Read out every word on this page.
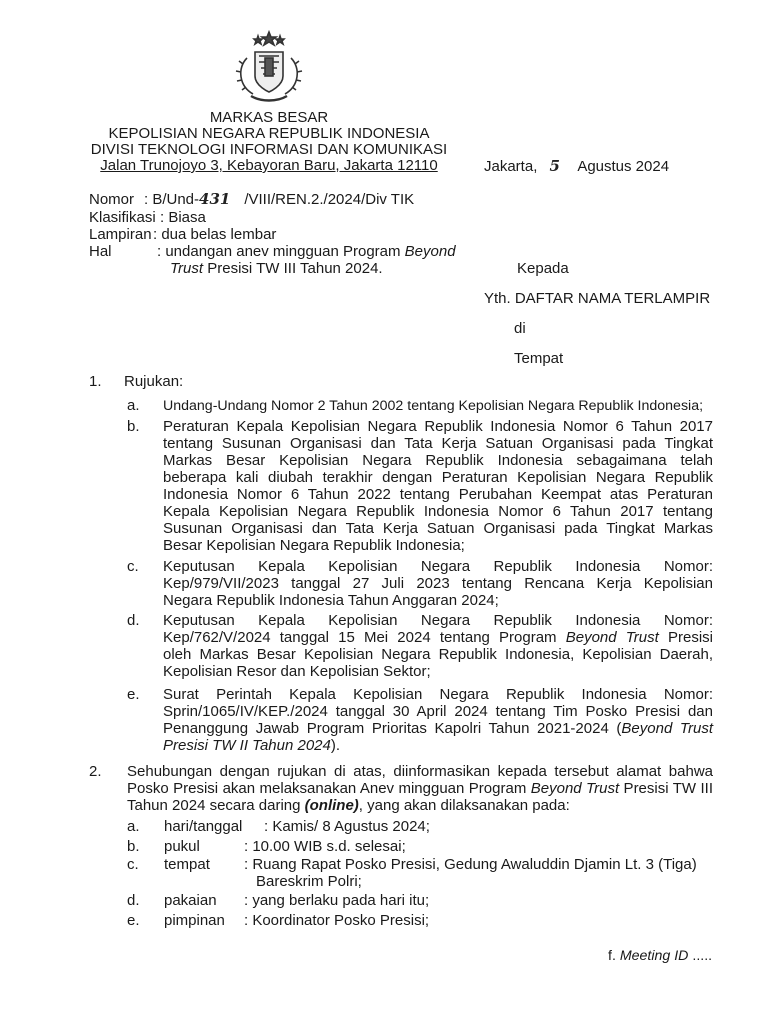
MARKAS BESAR
KEPOLISIAN NEGARA REPUBLIK INDONESIA
DIVISI TEKNOLOGI INFORMASI DAN KOMUNIKASI
Jalan Trunojoyo 3, Kebayoran Baru, Jakarta 12110	Jakarta, 5 Agustus 2024
Nomor : B/Und-431 /VIII/REN.2./2024/Div TIK
Klasifikasi : Biasa
Lampiran : dua belas lembar
Hal	: undangan anev mingguan Program Beyond
Trust Presisi TW III Tahun 2024.	Kepada
Yth. DAFTAR NAMA TERLAMPIR
di
Tempat
1. Rujukan:
a. Undang-Undang Nomor 2 Tahun 2002 tentang Kepolisian Negara Republik Indonesia;
b. Peraturan Kepala Kepolisian Negara Republik Indonesia Nomor 6 Tahun 2017

tentang Susunan Organisasi dan Tata Kerja Satuan Organisasi pada Tingkat

Markas Besar Kepolisian Negara Republik Indonesia sebagaimana telah

beberapa kali diubah terakhir dengan Peraturan Kepolisian Negara Republik

Indonesia Nomor 6 Tahun 2022 tentang Perubahan Keempat atas Peraturan

Kepala Kepolisian Negara Republik Indonesia Nomor 6 Tahun 2017 tentang

Susunan Organisasi dan Tata Kerja Satuan Organisasi pada Tingkat Markas

Besar Kepolisian Negara Republik Indonesia;

c. Keputusan Kepala Kepolisian Negara Republik Indonesia Nomor:

Kep/979/VII/2023 tanggal 27 Juli 2023 tentang Rencana Kerja Kepolisian

Negara Republik Indonesia Tahun Anggaran 2024;

d. Keputusan Kepala Kepolisian Negara Republik Indonesia Nomor:

Kep/762/V/2024 tanggal 15 Mei 2024 tentang Program Beyond Trust Presisi

oleh Markas Besar Kepolisian Negara Republik Indonesia, Kepolisian Daerah,

Kepolisian Resor dan Kepolisian Sektor;

e. Surat Perintah Kepala Kepolisian Negara Republik Indonesia Nomor:

Sprin/1065/IV/KEP./2024 tanggal 30 April 2024 tentang Tim Posko Presisi dan

Penanggung Jawab Program Prioritas Kapolri Tahun 2021-2024 (Beyond Trust

Presisi TW II Tahun 2024).

2. Sehubungan dengan rujukan di atas, diinformasikan kepada tersebut alamat bahwa

Posko Presisi akan melaksanakan Anev mingguan Program Beyond Trust Presisi TW III

Tahun 2024 secara daring (online), yang akan dilaksanakan pada:

a. hari/tanggal : Kamis/ 8 Agustus 2024;
b. pukul	: 10.00 WIB s.d. selesai;
c. tempat : Ruang Rapat Posko Presisi, Gedung Awaluddin Djamin Lt. 3 (Tiga)
Bareskrim Polri;
d. pakaian : yang berlaku pada hari itu;
e. pimpinan : Koordinator Posko Presisi;
f. Meeting ID .....
